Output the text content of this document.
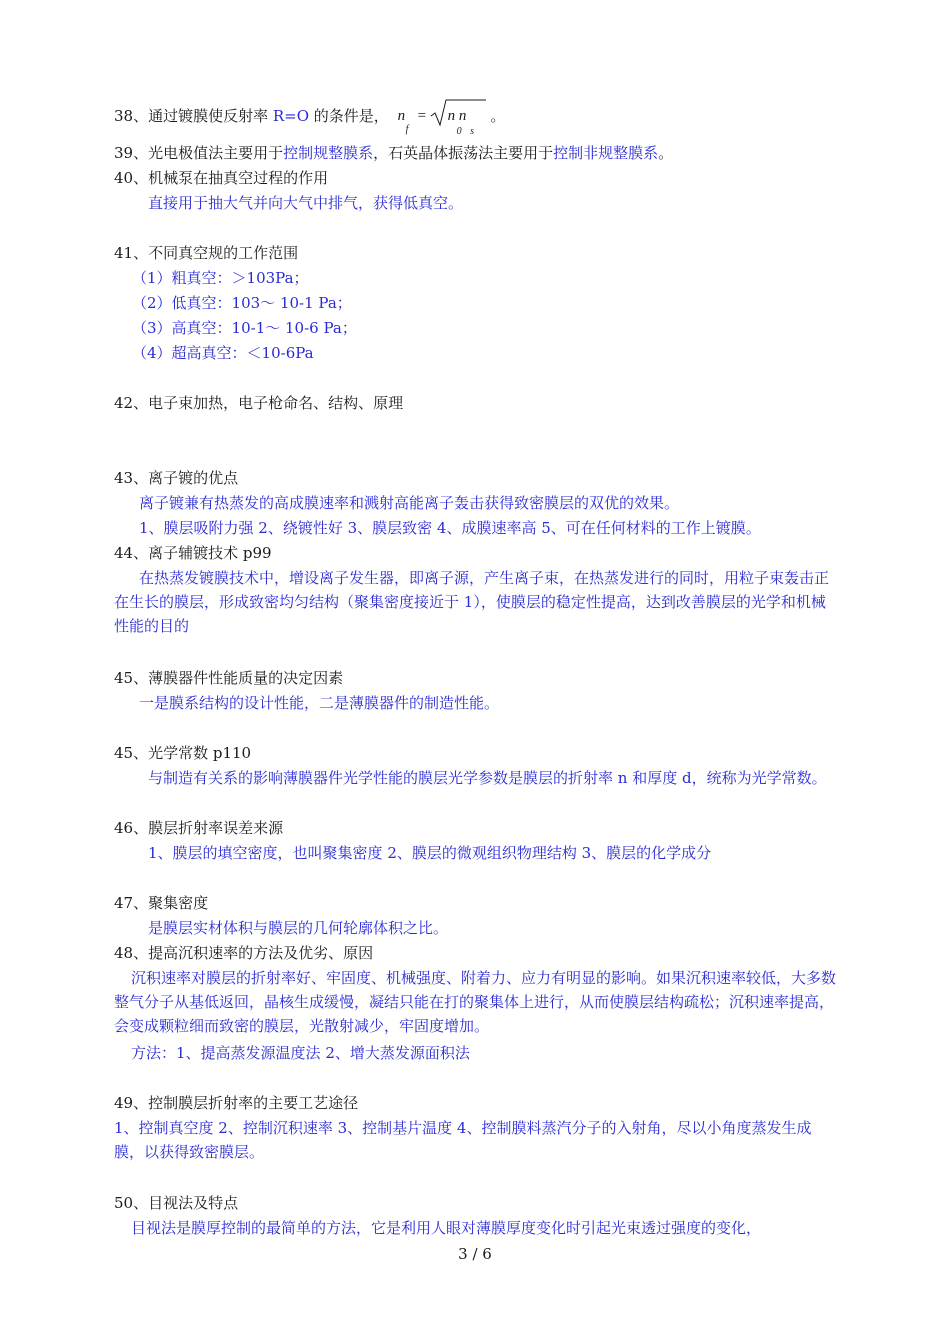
38、通过镀膜使反射率 R=O 的条件是， n
f
= n n
0 s
。
39、光电极值法主要用于控制规整膜系，石英晶体振荡法主要用于控制非规整膜系。
40、机械泵在抽真空过程的作用
直接用于抽大气并向大气中排气，获得低真空。
41、不同真空规的工作范围
（1）粗真空：＞103Pa；
（2）低真空：103～ 10-1 Pa；
（3）高真空：10-1～ 10-6 Pa；
（4）超高真空：＜10-6Pa
42、电子束加热，电子枪命名、结构、原理
43、离子镀的优点
离子镀兼有热蒸发的高成膜速率和溅射高能离子轰击获得致密膜层的双优的效果。
1、膜层吸附力强 2、绕镀性好 3、膜层致密 4、成膜速率高 5、可在任何材料的工作上镀膜。
44、离子辅镀技术 p99
在热蒸发镀膜技术中，增设离子发生器，即离子源，产生离子束，在热蒸发进行的同时，用粒子束轰击正在生长的膜层，形成致密均匀结构（聚集密度接近于 1），使膜层的稳定性提高，达到改善膜层的光学和机械性能的目的
45、薄膜器件性能质量的决定因素
一是膜系结构的设计性能，二是薄膜器件的制造性能。
45、光学常数 p110
与制造有关系的影响薄膜器件光学性能的膜层光学参数是膜层的折射率 n 和厚度 d，统称为光学常数。
46、膜层折射率误差来源
1、膜层的填空密度，也叫聚集密度 2、膜层的微观组织物理结构 3、膜层的化学成分
47、聚集密度
是膜层实材体积与膜层的几何轮廓体积之比。
48、提高沉积速率的方法及优劣、原因
沉积速率对膜层的折射率好、牢固度、机械强度、附着力、应力有明显的影响。如果沉积速率较低，大多数整气分子从基低返回，晶核生成缓慢，凝结只能在打的聚集体上进行，从而使膜层结构疏松；沉积速率提高，会变成颗粒细而致密的膜层，光散射减少，牢固度增加。
方法：1、提高蒸发源温度法 2、增大蒸发源面积法
49、控制膜层折射率的主要工艺途径
1、控制真空度 2、控制沉积速率 3、控制基片温度 4、控制膜料蒸汽分子的入射角，尽以小角度蒸发生成膜，以获得致密膜层。
50、目视法及特点
目视法是膜厚控制的最简单的方法，它是利用人眼对薄膜厚度变化时引起光束透过强度的变化，
3 / 6
